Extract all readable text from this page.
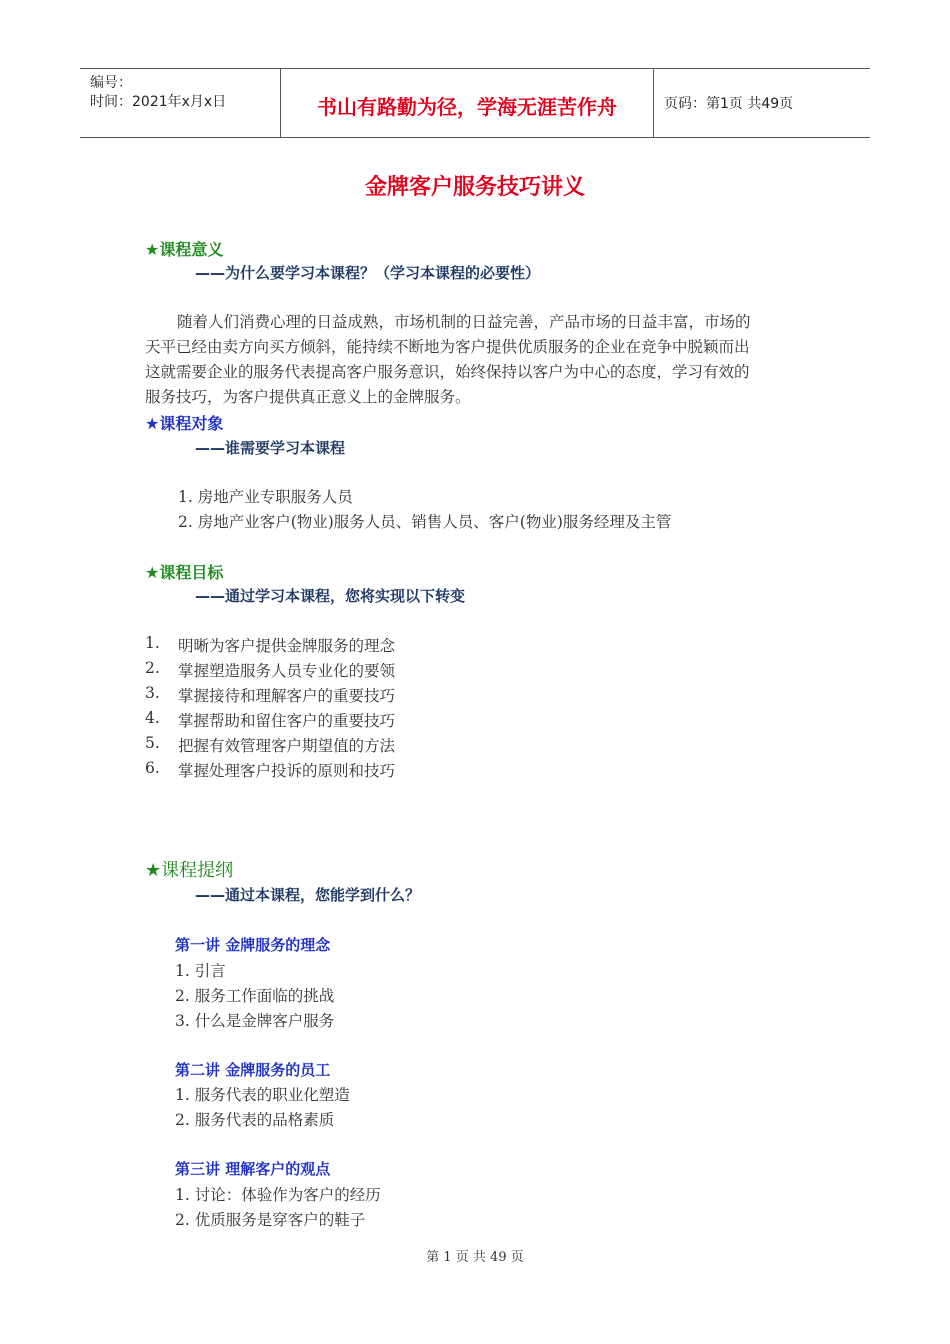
编号：
时间：2021年x月x日	书山有路勤为径，学海无涯苦作舟	页码：第1页 共49页
金牌客户服务技巧讲义
★课程意义
——为什么要学习本课程？（学习本课程的必要性）

随着人们消费心理的日益成熟，市场机制的日益完善，产品市场的日益丰富，市场的

天平已经由卖方向买方倾斜，能持续不断地为客户提供优质服务的企业在竞争中脱颖而出

这就需要企业的服务代表提高客户服务意识，始终保持以客户为中心的态度，学习有效的

服务技巧，为客户提供真正意义上的金牌服务。

★课程对象
——谁需要学习本课程
1. 房地产业专职服务人员
2. 房地产业客户(物业)服务人员、销售人员、客户(物业)服务经理及主管
★课程目标
——通过学习本课程，您将实现以下转变
1. 明晰为客户提供金牌服务的理念
2. 掌握塑造服务人员专业化的要领
3. 掌握接待和理解客户的重要技巧
4. 掌握帮助和留住客户的重要技巧
5. 把握有效管理客户期望值的方法
6. 掌握处理客户投诉的原则和技巧
★课程提纲
——通过本课程，您能学到什么？
第一讲 金牌服务的理念
1. 引言
2. 服务工作面临的挑战
3. 什么是金牌客户服务
第二讲 金牌服务的员工
1. 服务代表的职业化塑造
2. 服务代表的品格素质
第三讲 理解客户的观点
1. 讨论：体验作为客户的经历
2. 优质服务是穿客户的鞋子
第 1 页 共 49 页
